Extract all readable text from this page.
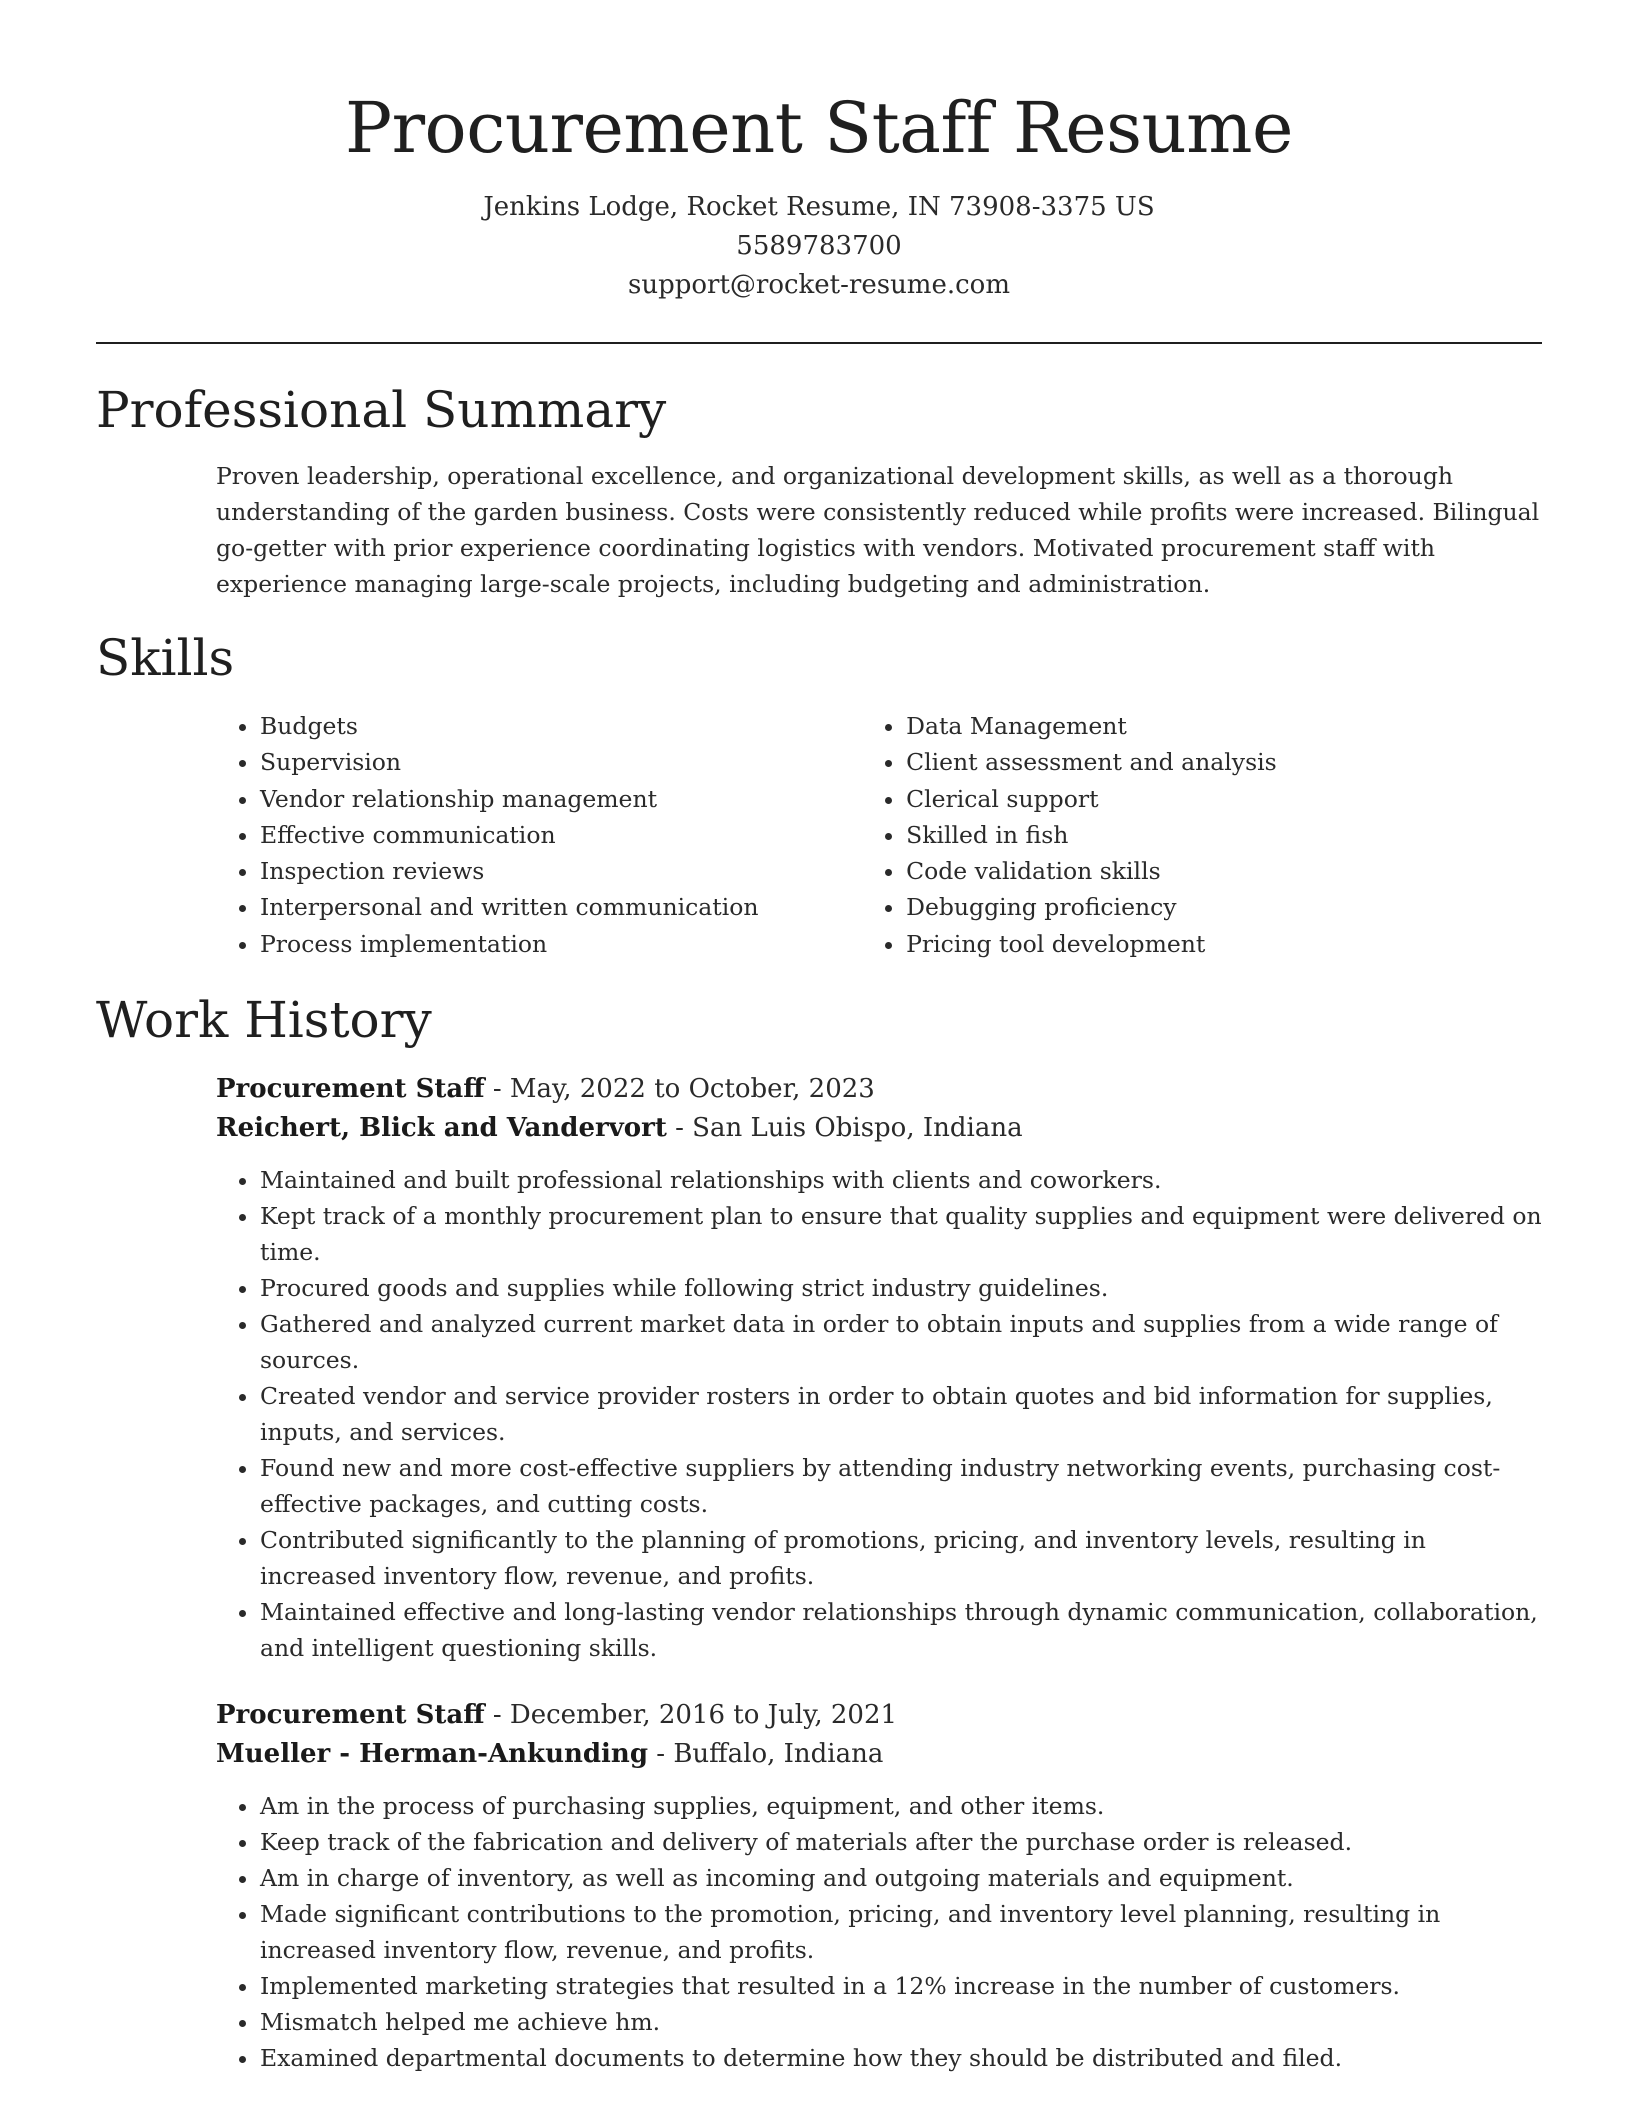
Procurement Staff Resume
Jenkins Lodge, Rocket Resume, IN 73908-3375 US
5589783700
support@rocket-resume.com
Professional Summary

Proven leadership, operational excellence, and organizational development skills, as well as a thorough understanding of the garden business. Costs were consistently reduced while profits were increased. Bilingual go-getter with prior experience coordinating logistics with vendors. Motivated procurement staff with experience managing large-scale projects, including budgeting and administration.

Skills
• Budgets
• Supervision
• Vendor relationship management
• Effective communication
• Inspection reviews
• Interpersonal and written communication
• Process implementation
• Data Management
• Client assessment and analysis
• Clerical support
• Skilled in fish
• Code validation skills
• Debugging proficiency
• Pricing tool development
Work History
Procurement Staff - May, 2022 to October, 2023
Reichert, Blick and Vandervort - San Luis Obispo, Indiana
• Maintained and built professional relationships with clients and coworkers.
• Kept track of a monthly procurement plan to ensure that quality supplies and equipment were delivered on time.
• Procured goods and supplies while following strict industry guidelines.
• Gathered and analyzed current market data in order to obtain inputs and supplies from a wide range of sources.
• Created vendor and service provider rosters in order to obtain quotes and bid information for supplies, inputs, and services.
• Found new and more cost-effective suppliers by attending industry networking events, purchasing cost-effective packages, and cutting costs.
• Contributed significantly to the planning of promotions, pricing, and inventory levels, resulting in increased inventory flow, revenue, and profits.
• Maintained effective and long-lasting vendor relationships through dynamic communication, collaboration, and intelligent questioning skills.
Procurement Staff - December, 2016 to July, 2021
Mueller - Herman-Ankunding - Buffalo, Indiana
• Am in the process of purchasing supplies, equipment, and other items.
• Keep track of the fabrication and delivery of materials after the purchase order is released.
• Am in charge of inventory, as well as incoming and outgoing materials and equipment.
• Made significant contributions to the promotion, pricing, and inventory level planning, resulting in increased inventory flow, revenue, and profits.
• Implemented marketing strategies that resulted in a 12% increase in the number of customers.
• Mismatch helped me achieve hm.
• Examined departmental documents to determine how they should be distributed and filed.
